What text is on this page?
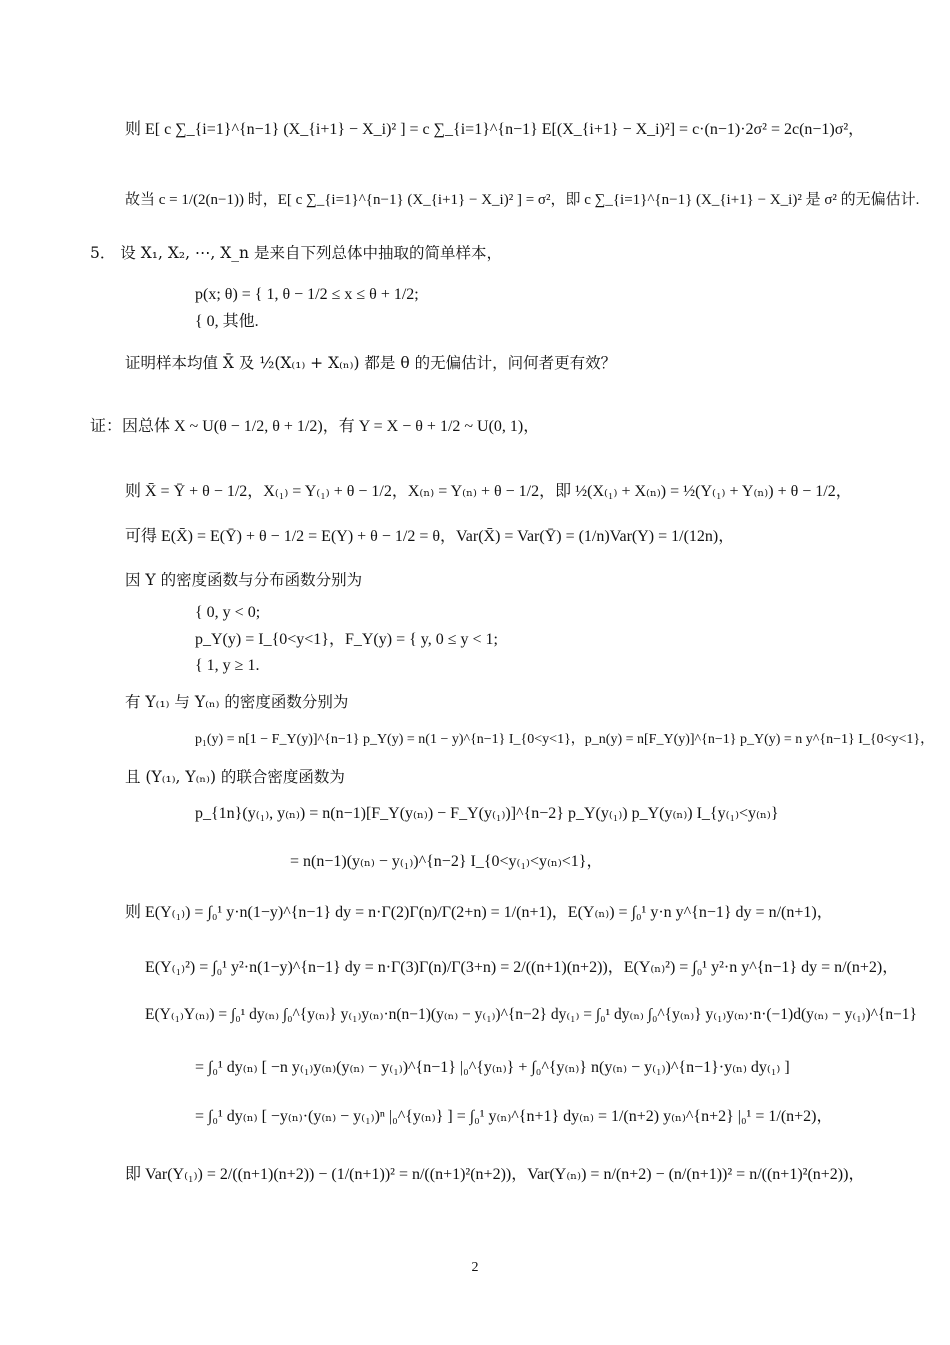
则 E[ c ∑_{i=1}^{n−1} (X_{i+1} − X_i)² ] = c ∑_{i=1}^{n−1} E[(X_{i+1} − X_i)²] = c·(n−1)·2σ² = 2c(n−1)σ²，
故当 c = 1/(2(n−1)) 时，E[ c ∑_{i=1}^{n−1} (X_{i+1} − X_i)² ] = σ²，即 c ∑_{i=1}^{n−1} (X_{i+1} − X_i)² 是 σ² 的无偏估计.
5． 设 X₁, X₂, ⋯, X_n 是来自下列总体中抽取的简单样本，
p(x; θ) = { 1, θ − 1/2 ≤ x ≤ θ + 1/2;
{ 0, 其他.
证明样本均值 X̄ 及 ½(X₍₁₎ + X₍ₙ₎) 都是 θ 的无偏估计，问何者更有效？
证：因总体 X ~ U(θ − 1/2, θ + 1/2)，有 Y = X − θ + 1/2 ~ U(0, 1)，
则 X̄ = Ȳ + θ − 1/2，X₍₁₎ = Y₍₁₎ + θ − 1/2，X₍ₙ₎ = Y₍ₙ₎ + θ − 1/2，即 ½(X₍₁₎ + X₍ₙ₎) = ½(Y₍₁₎ + Y₍ₙ₎) + θ − 1/2，
可得 E(X̄) = E(Ȳ) + θ − 1/2 = E(Y) + θ − 1/2 = θ，Var(X̄) = Var(Ȳ) = (1/n)Var(Y) = 1/(12n)，
因 Y 的密度函数与分布函数分别为
{ 0, y < 0;
p_Y(y) = I_{0<y<1}，F_Y(y) = { y, 0 ≤ y < 1;
{ 1, y ≥ 1.
有 Y₍₁₎ 与 Y₍ₙ₎ 的密度函数分别为
p₁(y) = n[1 − F_Y(y)]^{n−1} p_Y(y) = n(1 − y)^{n−1} I_{0<y<1}，p_n(y) = n[F_Y(y)]^{n−1} p_Y(y) = n y^{n−1} I_{0<y<1}，
且 (Y₍₁₎, Y₍ₙ₎) 的联合密度函数为
p_{1n}(y₍₁₎, y₍ₙ₎) = n(n−1)[F_Y(y₍ₙ₎) − F_Y(y₍₁₎)]^{n−2} p_Y(y₍₁₎) p_Y(y₍ₙ₎) I_{y₍₁₎<y₍ₙ₎}
= n(n−1)(y₍ₙ₎ − y₍₁₎)^{n−2} I_{0<y₍₁₎<y₍ₙ₎<1}，
则 E(Y₍₁₎) = ∫₀¹ y·n(1−y)^{n−1} dy = n·Γ(2)Γ(n)/Γ(2+n) = 1/(n+1)，E(Y₍ₙ₎) = ∫₀¹ y·n y^{n−1} dy = n/(n+1)，
E(Y₍₁₎²) = ∫₀¹ y²·n(1−y)^{n−1} dy = n·Γ(3)Γ(n)/Γ(3+n) = 2/((n+1)(n+2))，E(Y₍ₙ₎²) = ∫₀¹ y²·n y^{n−1} dy = n/(n+2)，
E(Y₍₁₎Y₍ₙ₎) = ∫₀¹ dy₍ₙ₎ ∫₀^{y₍ₙ₎} y₍₁₎y₍ₙ₎·n(n−1)(y₍ₙ₎ − y₍₁₎)^{n−2} dy₍₁₎ = ∫₀¹ dy₍ₙ₎ ∫₀^{y₍ₙ₎} y₍₁₎y₍ₙ₎·n·(−1)d(y₍ₙ₎ − y₍₁₎)^{n−1}
= ∫₀¹ dy₍ₙ₎ [ −n y₍₁₎y₍ₙ₎(y₍ₙ₎ − y₍₁₎)^{n−1} |₀^{y₍ₙ₎} + ∫₀^{y₍ₙ₎} n(y₍ₙ₎ − y₍₁₎)^{n−1}·y₍ₙ₎ dy₍₁₎ ]
= ∫₀¹ dy₍ₙ₎ [ −y₍ₙ₎·(y₍ₙ₎ − y₍₁₎)ⁿ |₀^{y₍ₙ₎} ] = ∫₀¹ y₍ₙ₎^{n+1} dy₍ₙ₎ = 1/(n+2) y₍ₙ₎^{n+2} |₀¹ = 1/(n+2)，
即 Var(Y₍₁₎) = 2/((n+1)(n+2)) − (1/(n+1))² = n/((n+1)²(n+2))，Var(Y₍ₙ₎) = n/(n+2) − (n/(n+1))² = n/((n+1)²(n+2))，
2
